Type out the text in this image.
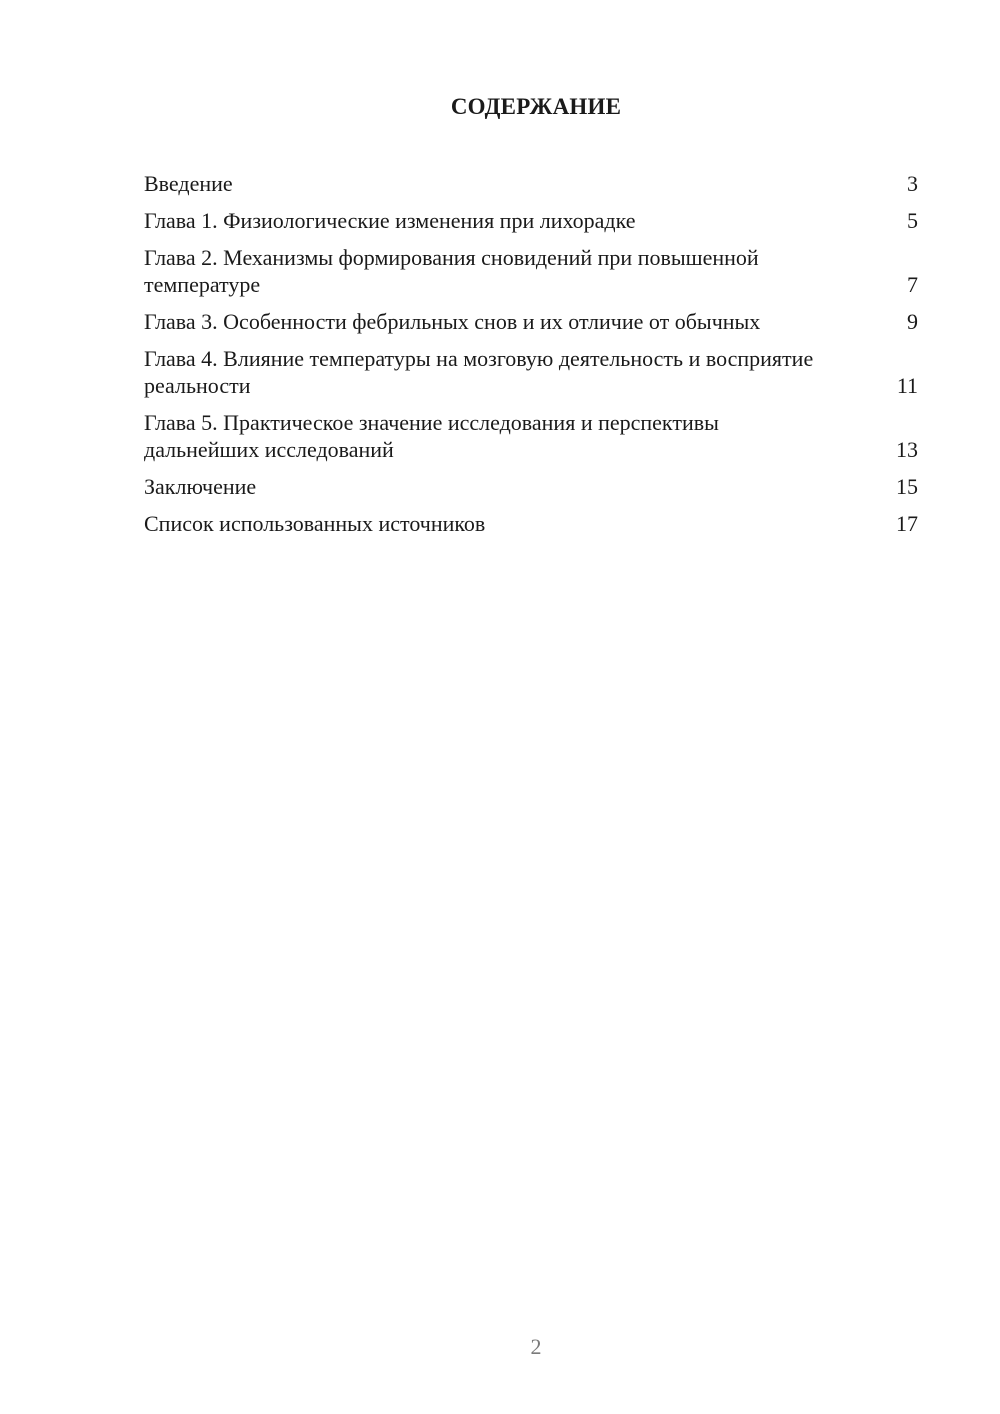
СОДЕРЖАНИЕ
Введение	3
Глава 1. Физиологические изменения при лихорадке	5
Глава 2. Механизмы формирования сновидений при повышенной температуре	7
Глава 3. Особенности фебрильных снов и их отличие от обычных	9
Глава 4. Влияние температуры на мозговую деятельность и восприятие реальности	11
Глава 5. Практическое значение исследования и перспективы дальнейших исследований	13
Заключение	15
Список использованных источников	17
2
